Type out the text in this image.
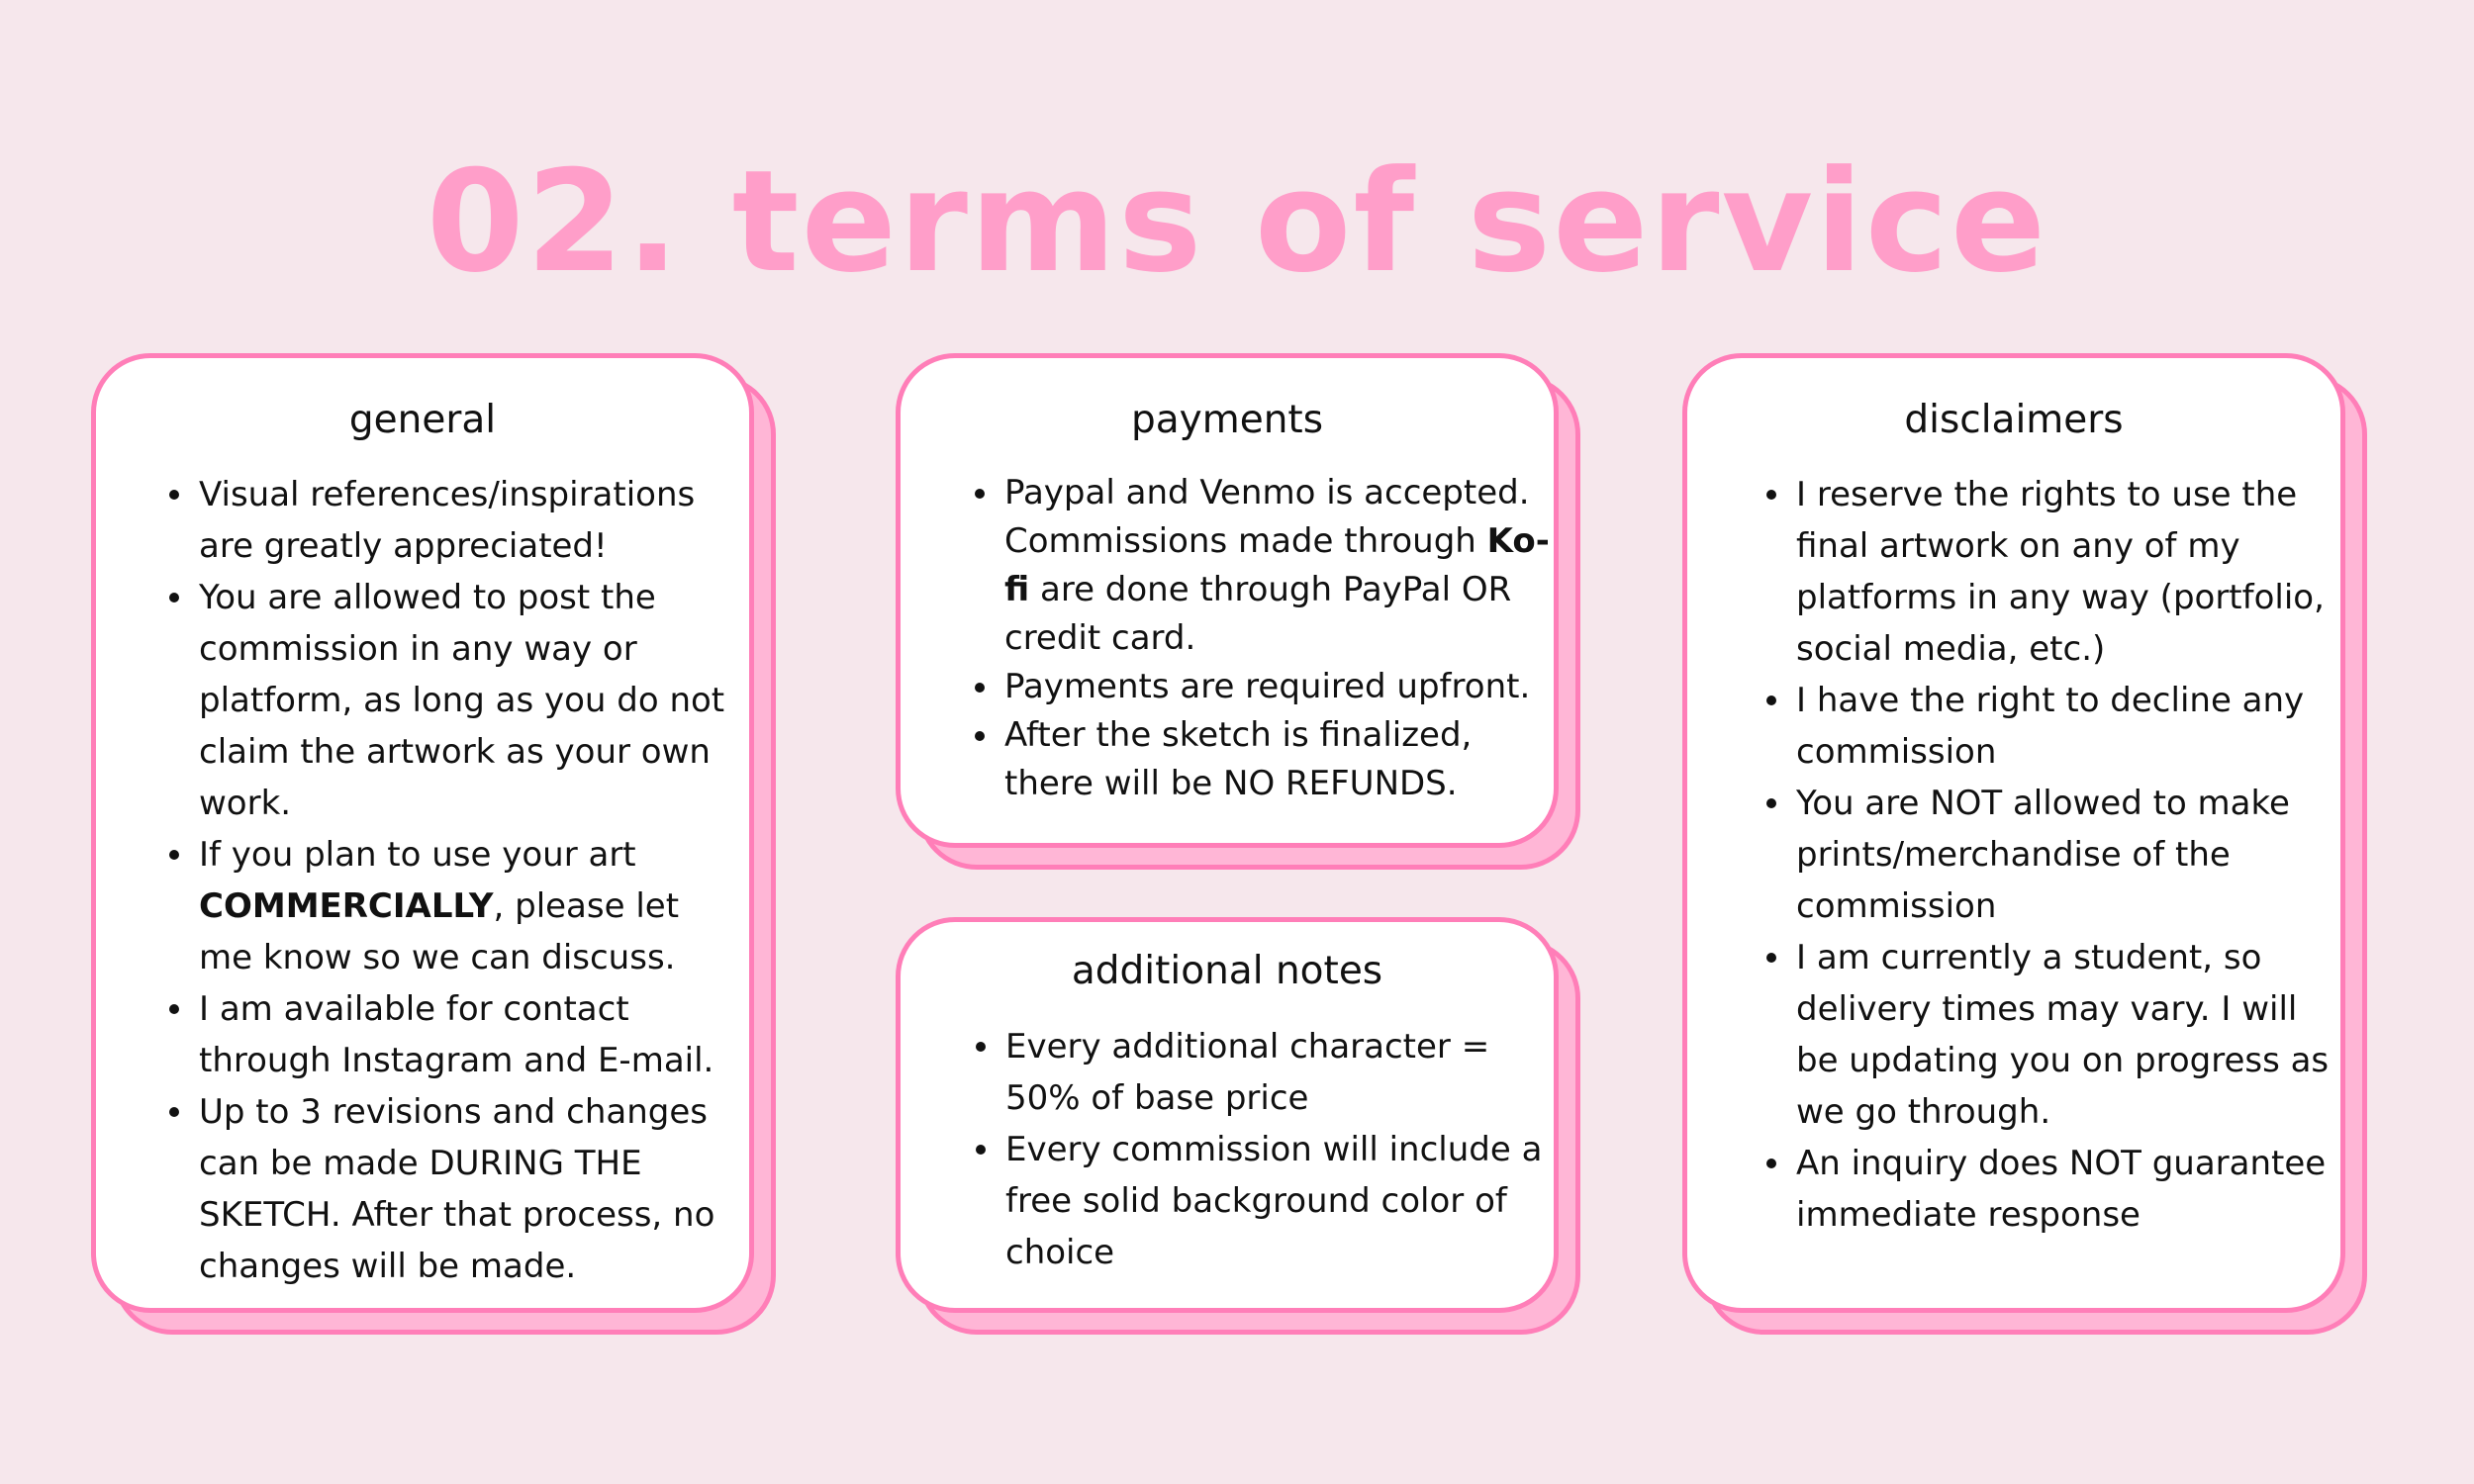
02. terms of service
general
Visual references/inspirations are greatly appreciated!
You are allowed to post the commission in any way or platform, as long as you do not claim the artwork as your own work.
If you plan to use your art COMMERCIALLY, please let me know so we can discuss.
I am available for contact through Instagram and E-mail.
Up to 3 revisions and changes can be made DURING THE SKETCH. After that process, no changes will be made.
payments
Paypal and Venmo is accepted. Commissions made through Ko-fi are done through PayPal OR credit card.
Payments are required upfront.
After the sketch is finalized, there will be NO REFUNDS.
additional notes
Every additional character = 50% of base price
Every commission will include a free solid background color of choice
disclaimers
I reserve the rights to use the final artwork on any of my platforms in any way (portfolio, social media, etc.)
I have the right to decline any commission
You are NOT allowed to make prints/merchandise of the commission
I am currently a student, so delivery times may vary. I will be updating you on progress as we go through.
An inquiry does NOT guarantee immediate response
